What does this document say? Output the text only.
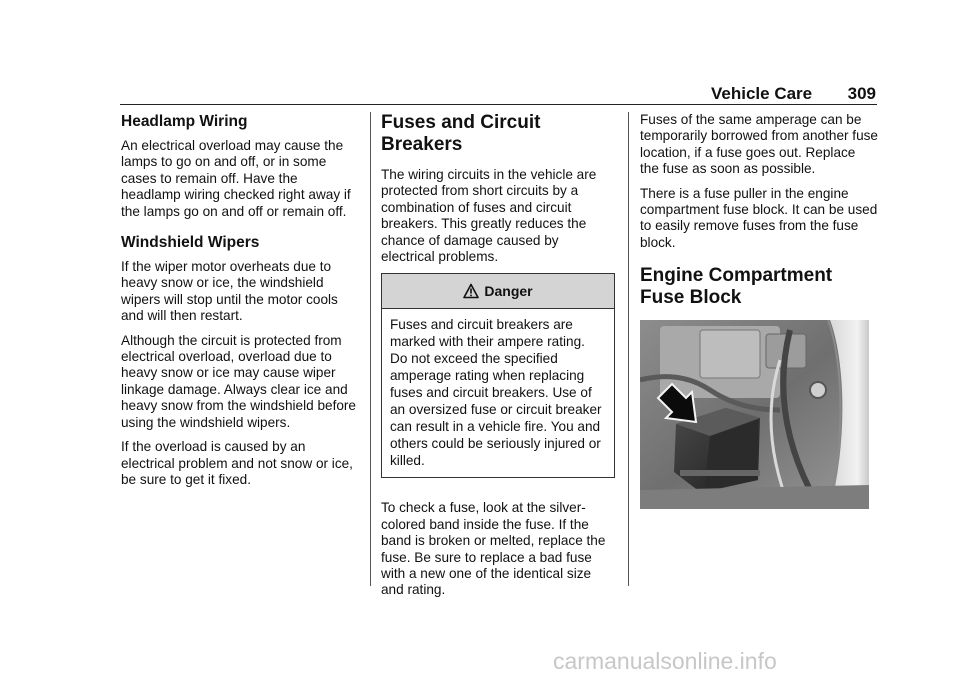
Vehicle Care 309
Headlamp Wiring

An electrical overload may cause the lamps to go on and off, or in some cases to remain off. Have the headlamp wiring checked right away if the lamps go on and off or remain off.

Windshield Wipers

If the wiper motor overheats due to heavy snow or ice, the windshield wipers will stop until the motor cools and will then restart.

Although the circuit is protected from electrical overload, overload due to heavy snow or ice may cause wiper linkage damage. Always clear ice and heavy snow from the windshield before using the windshield wipers.

If the overload is caused by an electrical problem and not snow or ice, be sure to get it fixed.

Fuses and Circuit
Breakers

The wiring circuits in the vehicle are protected from short circuits by a combination of fuses and circuit breakers. This greatly reduces the chance of damage caused by electrical problems.

Danger

Fuses and circuit breakers are marked with their ampere rating. Do not exceed the specified amperage rating when replacing fuses and circuit breakers. Use of an oversized fuse or circuit breaker can result in a vehicle fire. You and others could be seriously injured or killed.

To check a fuse, look at the silver-colored band inside the fuse. If the band is broken or melted, replace the fuse. Be sure to replace a bad fuse with a new one of the identical size and rating.

Fuses of the same amperage can be temporarily borrowed from another fuse location, if a fuse goes out. Replace the fuse as soon as possible.

There is a fuse puller in the engine compartment fuse block. It can be used to easily remove fuses from the fuse block.

Engine Compartment
Fuse Block
carmanualsonline.info
